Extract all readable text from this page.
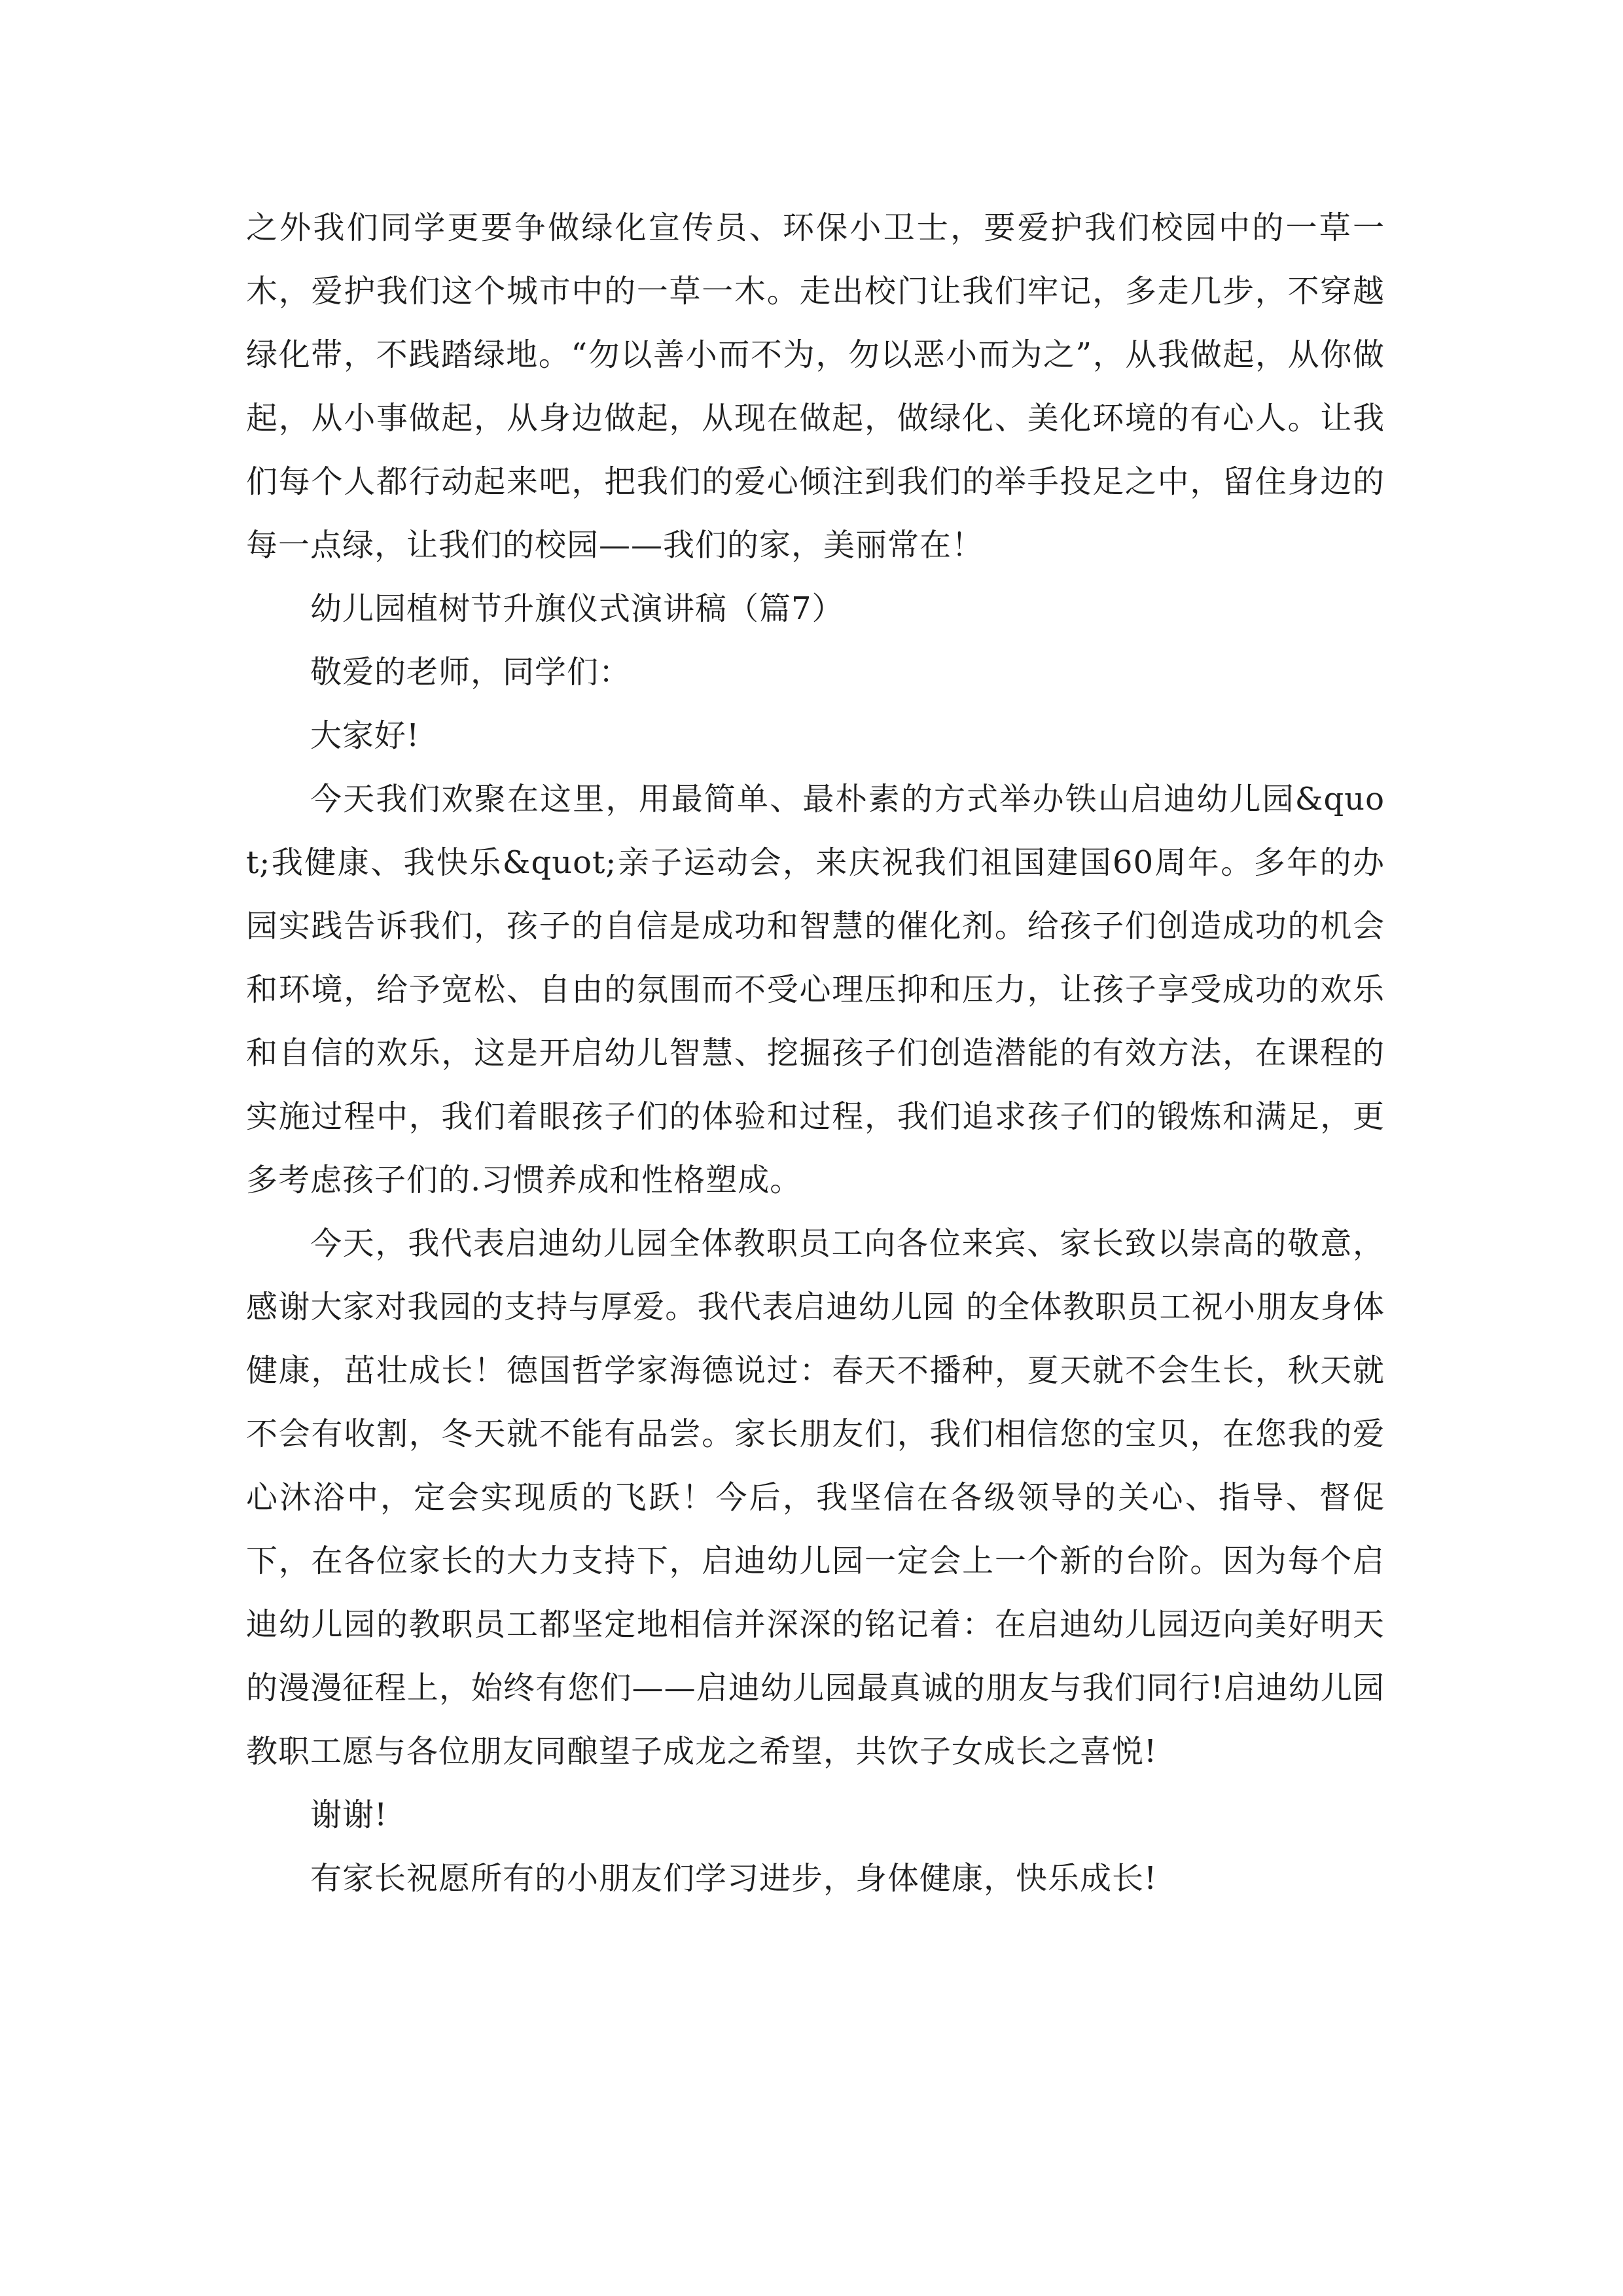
之外我们同学更要争做绿化宣传员、环保小卫士，要爱护我们校园中的一草一木，爱护我们这个城市中的一草一木。走出校门让我们牢记，多走几步，不穿越绿化带，不践踏绿地。“勿以善小而不为，勿以恶小而为之”，从我做起，从你做起，从小事做起，从身边做起，从现在做起，做绿化、美化环境的有心人。让我们每个人都行动起来吧，把我们的爱心倾注到我们的举手投足之中，留住身边的每一点绿，让我们的校园——我们的家，美丽常在！

幼儿园植树节升旗仪式演讲稿（篇7）

敬爱的老师，同学们：

大家好!

今天我们欢聚在这里，用最简单、最朴素的方式举办铁山启迪幼儿园&quot;我健康、我快乐&quot;亲子运动会，来庆祝我们祖国建国60周年。多年的办园实践告诉我们，孩子的自信是成功和智慧的催化剂。给孩子们创造成功的机会和环境，给予宽松、自由的氛围而不受心理压抑和压力，让孩子享受成功的欢乐和自信的欢乐，这是开启幼儿智慧、挖掘孩子们创造潜能的有效方法，在课程的实施过程中，我们着眼孩子们的体验和过程，我们追求孩子们的锻炼和满足，更多考虑孩子们的.习惯养成和性格塑成。

今天，我代表启迪幼儿园全体教职员工向各位来宾、家长致以崇高的敬意，感谢大家对我园的支持与厚爱。我代表启迪幼儿园 的全体教职员工祝小朋友身体健康，茁壮成长！德国哲学家海德说过：春天不播种，夏天就不会生长，秋天就不会有收割，冬天就不能有品尝。家长朋友们，我们相信您的宝贝，在您我的爱心沐浴中，定会实现质的飞跃！今后，我坚信在各级领导的关心、指导、督促下，在各位家长的大力支持下，启迪幼儿园一定会上一个新的台阶。因为每个启迪幼儿园的教职员工都坚定地相信并深深的铭记着：在启迪幼儿园迈向美好明天的漫漫征程上，始终有您们——启迪幼儿园最真诚的朋友与我们同行!启迪幼儿园教职工愿与各位朋友同酿望子成龙之希望，共饮子女成长之喜悦!

谢谢!

有家长祝愿所有的小朋友们学习进步，身体健康，快乐成长!
